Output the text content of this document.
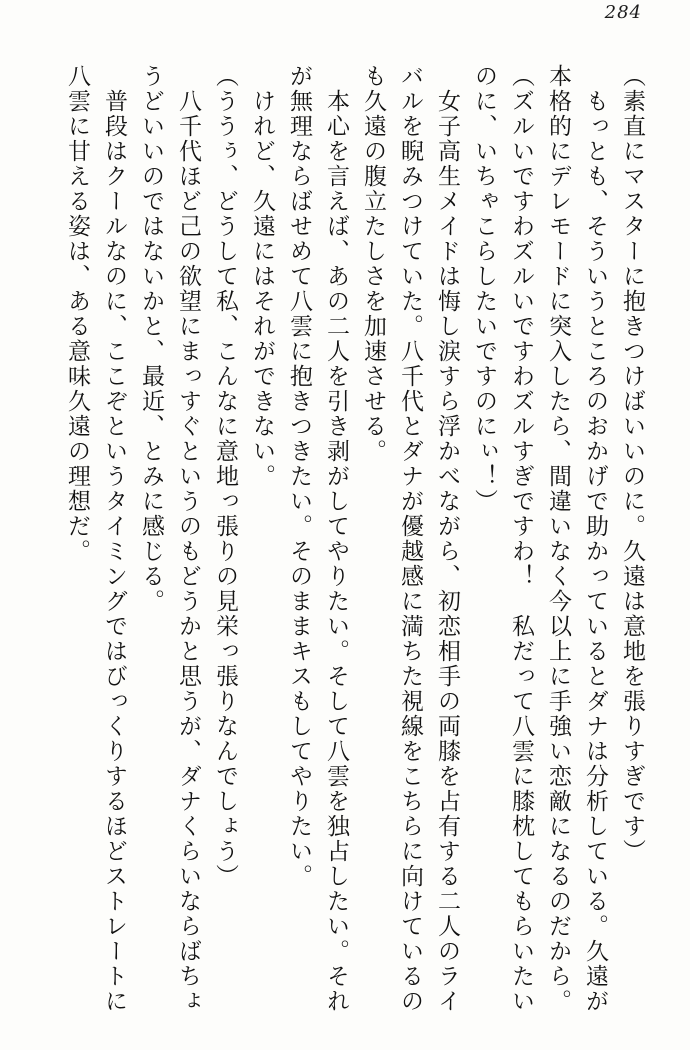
284

（素直にマスターに抱きつけばいいのに。久遠は意地を張りすぎです）

もっとも、そういうところのおかげで助かっているとダナは分析している。久遠が

本格的にデレモードに突入したら、間違いなく今以上に手強い恋敵になるのだから。

（ズルいですわズルいですわズルすぎですわ！　私だって八雲に膝枕してもらいたい

のに、いちゃこらしたいですのにぃ！）

女子高生メイドは悔し涙すら浮かべながら、初恋相手の両膝を占有する二人のライ

バルを睨みつけていた。八千代とダナが優越感に満ちた視線をこちらに向けているの

も久遠の腹立たしさを加速させる。

本心を言えば、あの二人を引き剥がしてやりたい。そして八雲を独占したい。それ

が無理ならばせめて八雲に抱きつきたい。そのままキスもしてやりたい。

けれど、久遠にはそれができない。

（ううぅ、どうして私、こんなに意地っ張りの見栄っ張りなんでしょう）

八千代ほど己の欲望にまっすぐというのもどうかと思うが、ダナくらいならばちょ

うどいいのではないかと、最近、とみに感じる。

普段はクールなのに、ここぞというタイミングではびっくりするほどストレートに

八雲に甘える姿は、ある意味久遠の理想だ。
